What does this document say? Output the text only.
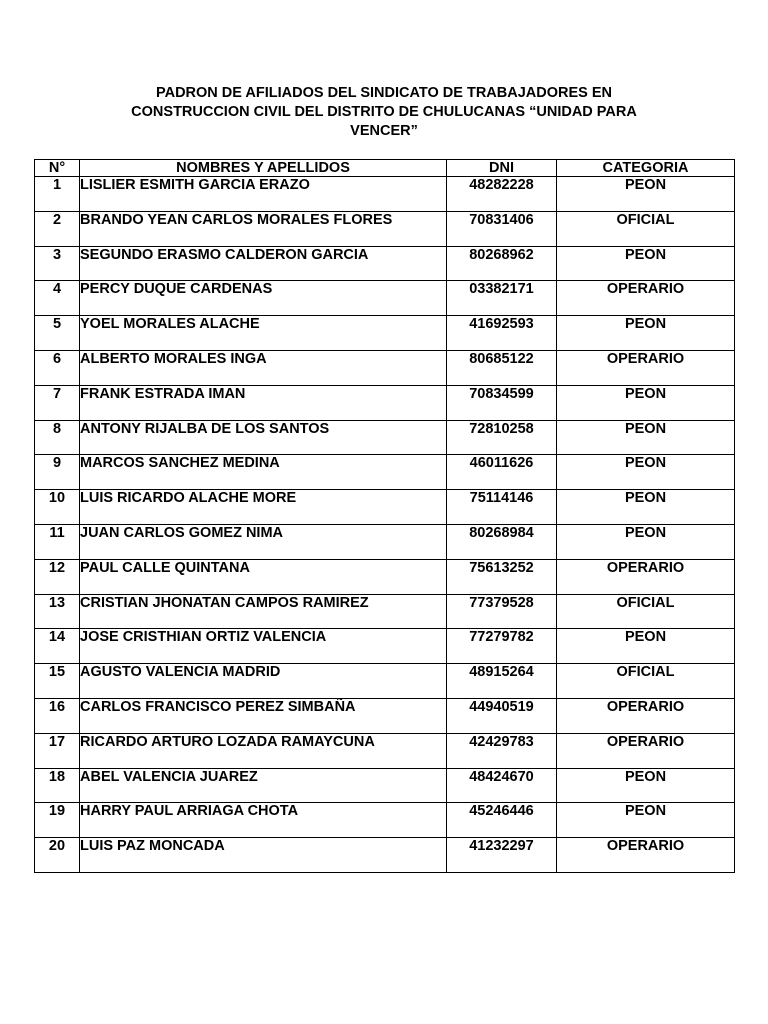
PADRON DE AFILIADOS DEL SINDICATO DE TRABAJADORES EN
CONSTRUCCION CIVIL DEL DISTRITO DE CHULUCANAS “UNIDAD PARA
VENCER”
N°	NOMBRES Y APELLIDOS	DNI	CATEGORIA
1	LISLIER ESMITH GARCIA ERAZO	48282228	PEON
2	BRANDO YEAN CARLOS MORALES FLORES	70831406	OFICIAL
3	SEGUNDO ERASMO CALDERON GARCIA	80268962	PEON
4	PERCY DUQUE CARDENAS	03382171	OPERARIO
5	YOEL MORALES ALACHE	41692593	PEON
6	ALBERTO MORALES INGA	80685122	OPERARIO
7	FRANK ESTRADA IMAN	70834599	PEON
8	ANTONY RIJALBA DE LOS SANTOS	72810258	PEON
9	MARCOS SANCHEZ MEDINA	46011626	PEON
10	LUIS RICARDO ALACHE MORE	75114146	PEON
11	JUAN CARLOS GOMEZ NIMA	80268984	PEON
12	PAUL CALLE QUINTANA	75613252	OPERARIO
13	CRISTIAN JHONATAN CAMPOS RAMIREZ	77379528	OFICIAL
14	JOSE CRISTHIAN ORTIZ VALENCIA	77279782	PEON
15	AGUSTO VALENCIA MADRID	48915264	OFICIAL
16	CARLOS FRANCISCO PEREZ SIMBAÑA	44940519	OPERARIO
17	RICARDO ARTURO LOZADA RAMAYCUNA	42429783	OPERARIO
18	ABEL VALENCIA JUAREZ	48424670	PEON
19	HARRY PAUL ARRIAGA CHOTA	45246446	PEON
20	LUIS PAZ MONCADA	41232297	OPERARIO
